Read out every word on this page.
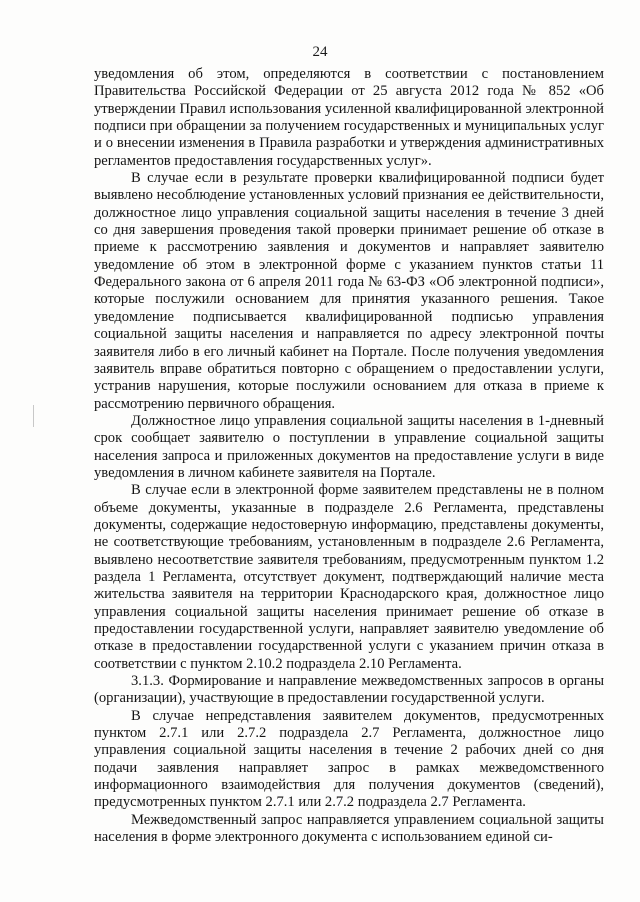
24

уведомления об этом, определяются в соответствии с постановлением Правительства Российской Федерации от 25 августа 2012 года № 852 «Об утверждении Правил использования усиленной квалифицированной электронной подписи при обращении за получением государственных и муниципальных услуг и о внесении изменения в Правила разработки и утверждения административных регламентов предоставления государственных услуг».

В случае если в результате проверки квалифицированной подписи будет выявлено несоблюдение установленных условий признания ее действительности, должностное лицо управления социальной защиты населения в течение 3 дней со дня завершения проведения такой проверки принимает решение об отказе в приеме к рассмотрению заявления и документов и направляет заявителю уведомление об этом в электронной форме с указанием пунктов статьи 11 Федерального закона от 6 апреля 2011 года № 63-ФЗ «Об электронной подписи», которые послужили основанием для принятия указанного решения. Такое уведомление подписывается квалифицированной подписью управления социальной защиты населения и направляется по адресу электронной почты заявителя либо в его личный кабинет на Портале. После получения уведомления заявитель вправе обратиться повторно с обращением о предоставлении услуги, устранив нарушения, которые послужили основанием для отказа в приеме к рассмотрению первичного обращения.

Должностное лицо управления социальной защиты населения в 1-дневный срок сообщает заявителю о поступлении в управление социальной защиты населения запроса и приложенных документов на предоставление услуги в виде уведомления в личном кабинете заявителя на Портале.

В случае если в электронной форме заявителем представлены не в полном объеме документы, указанные в подразделе 2.6 Регламента, представлены документы, содержащие недостоверную информацию, представлены документы, не соответствующие требованиям, установленным в подразделе 2.6 Регламента, выявлено несоответствие заявителя требованиям, предусмотренным пунктом 1.2 раздела 1 Регламента, отсутствует документ, подтверждающий наличие места жительства заявителя на территории Краснодарского края, должностное лицо управления социальной защиты населения принимает решение об отказе в предоставлении государственной услуги, направляет заявителю уведомление об отказе в предоставлении государственной услуги с указанием причин отказа в соответствии с пунктом 2.10.2 подраздела 2.10 Регламента.

3.1.3. Формирование и направление межведомственных запросов в органы (организации), участвующие в предоставлении государственной услуги.

В случае непредставления заявителем документов, предусмотренных пунктом 2.7.1 или 2.7.2 подраздела 2.7 Регламента, должностное лицо управления социальной защиты населения в течение 2 рабочих дней со дня подачи заявления направляет запрос в рамках межведомственного информационного взаимодействия для получения документов (сведений), предусмотренных пунктом 2.7.1 или 2.7.2 подраздела 2.7 Регламента.

Межведомственный запрос направляется управлением социальной защиты населения в форме электронного документа с использованием единой си-
